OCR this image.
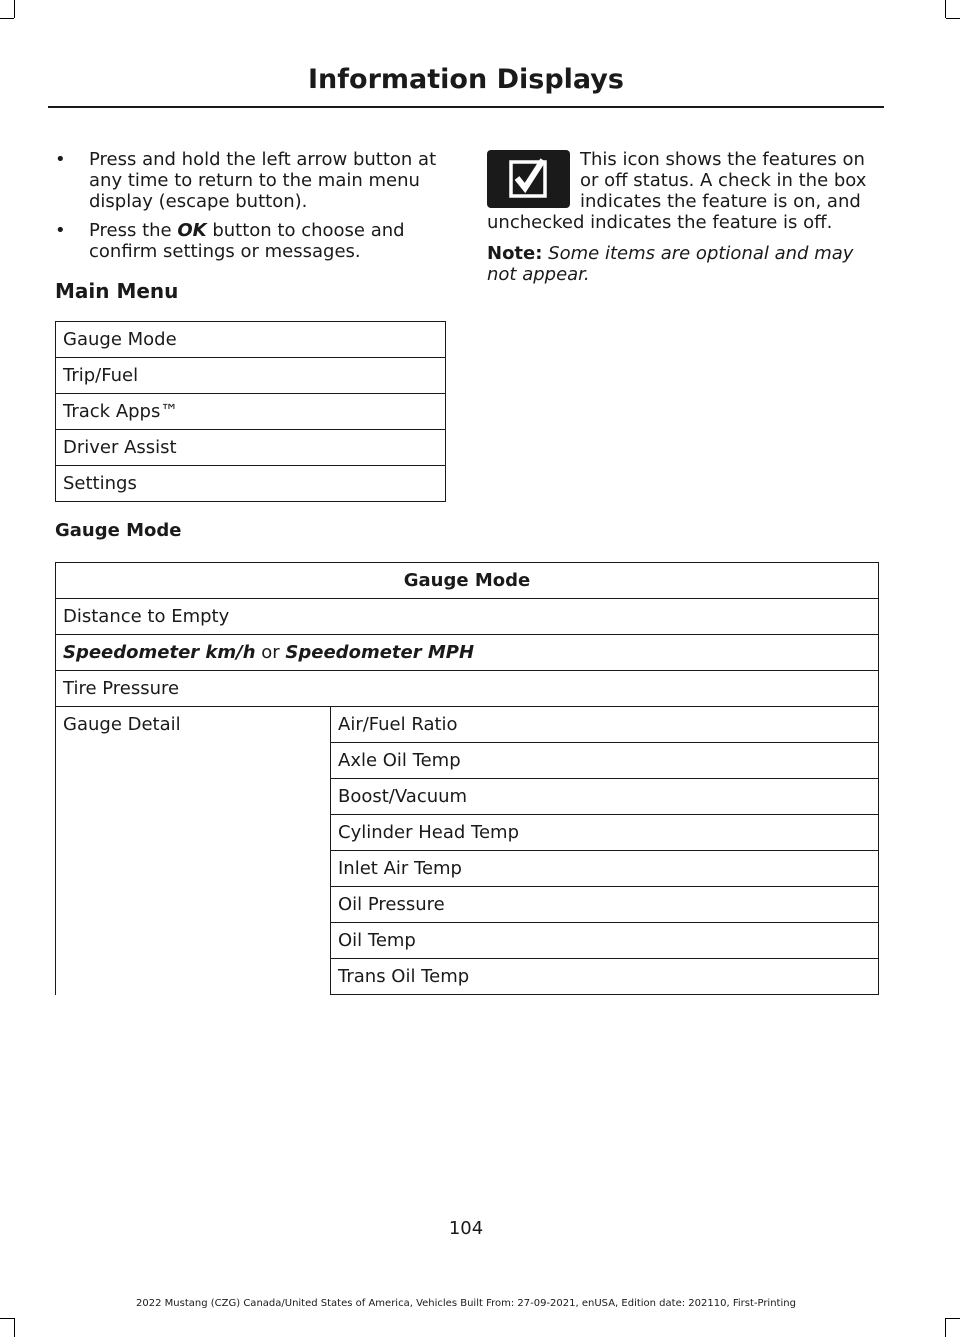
Information Displays
• Press and hold the left arrow button at any time to return to the main menu display (escape button).
• Press the OK button to choose and confirm settings or messages.
Main Menu
Gauge Mode
Trip/Fuel
Track Apps™
Driver Assist
Settings
This icon shows the features on or off status. A check in the box indicates the feature is on, and
unchecked indicates the feature is off.
Note: Some items are optional and may not appear.
Gauge Mode
Gauge Mode
Distance to Empty
Speedometer km/h or Speedometer MPH
Tire Pressure
Gauge Detail	Air/Fuel Ratio
Axle Oil Temp
Boost/Vacuum
Cylinder Head Temp
Inlet Air Temp
Oil Pressure
Oil Temp
Trans Oil Temp
104
2022 Mustang (CZG) Canada/United States of America, Vehicles Built From: 27-09-2021, enUSA, Edition date: 202110, First-Printing
